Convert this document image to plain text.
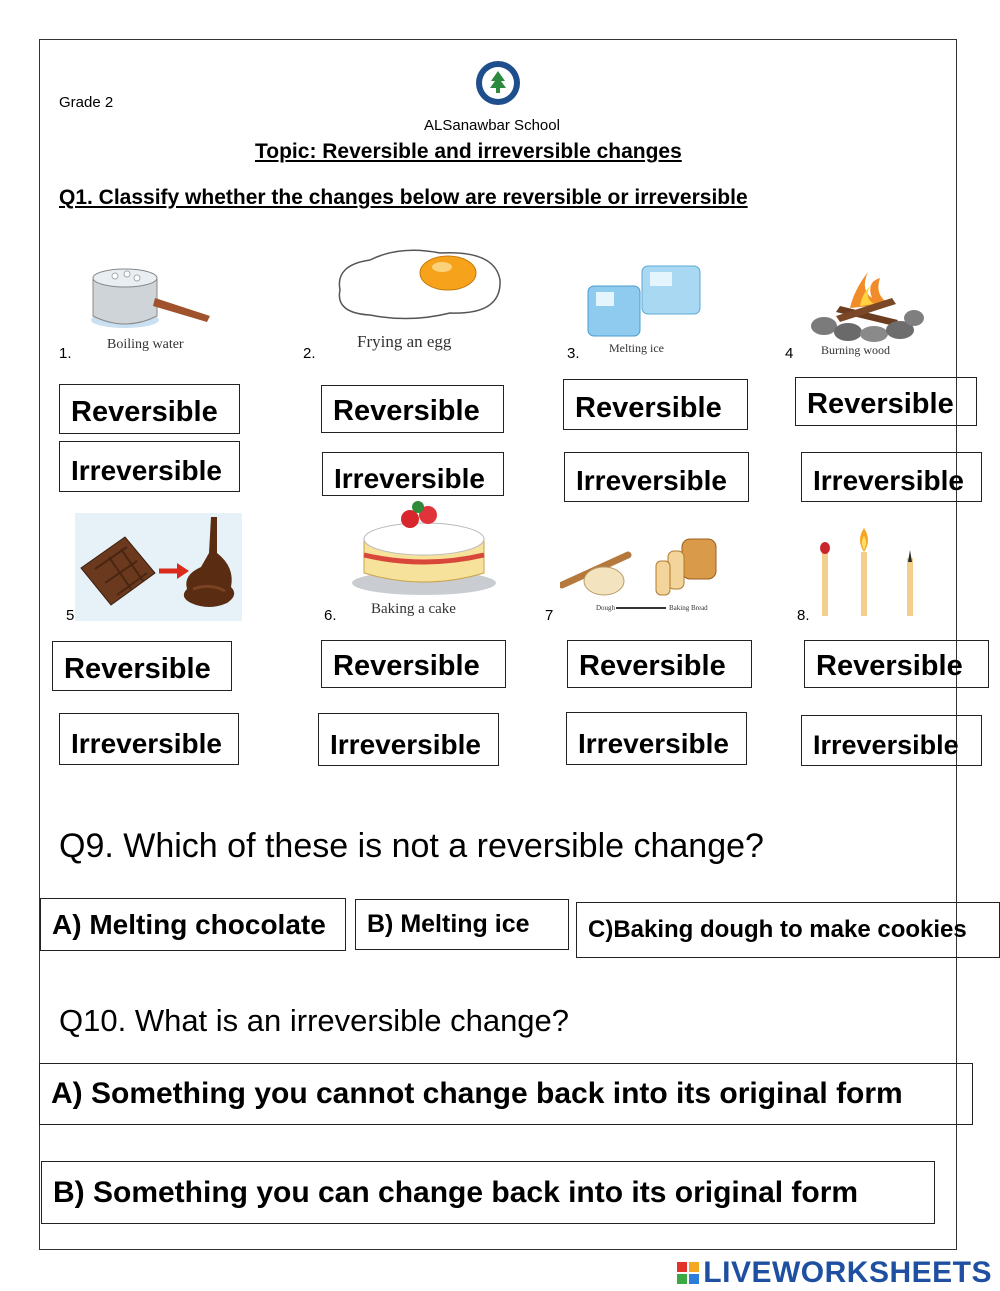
Grade 2
ALSanawbar School
Topic: Reversible and irreversible changes
Q1. Classify whether the changes below are reversible or irreversible
Boiling water
1.
Frying an egg
2.	Melting ice
3.	Burning wood
4
Reversible
Irreversible
Reversible
Irreversible
Reversible
Irreversible
Reversible
Irreversible
5	Baking a cake
6.	Dough	Baking Bread
7	8.
Reversible
Irreversible
Reversible
Irreversible
Reversible
Irreversible
Reversible
Irreversible
Q9. Which of these is not a reversible change?
A) Melting chocolate	B) Melting ice	C)Baking dough to make cookies
Q10. What is an irreversible change?
A) Something you cannot change back into its original form
B) Something you can change back into its original form
LIVEWORKSHEETS
